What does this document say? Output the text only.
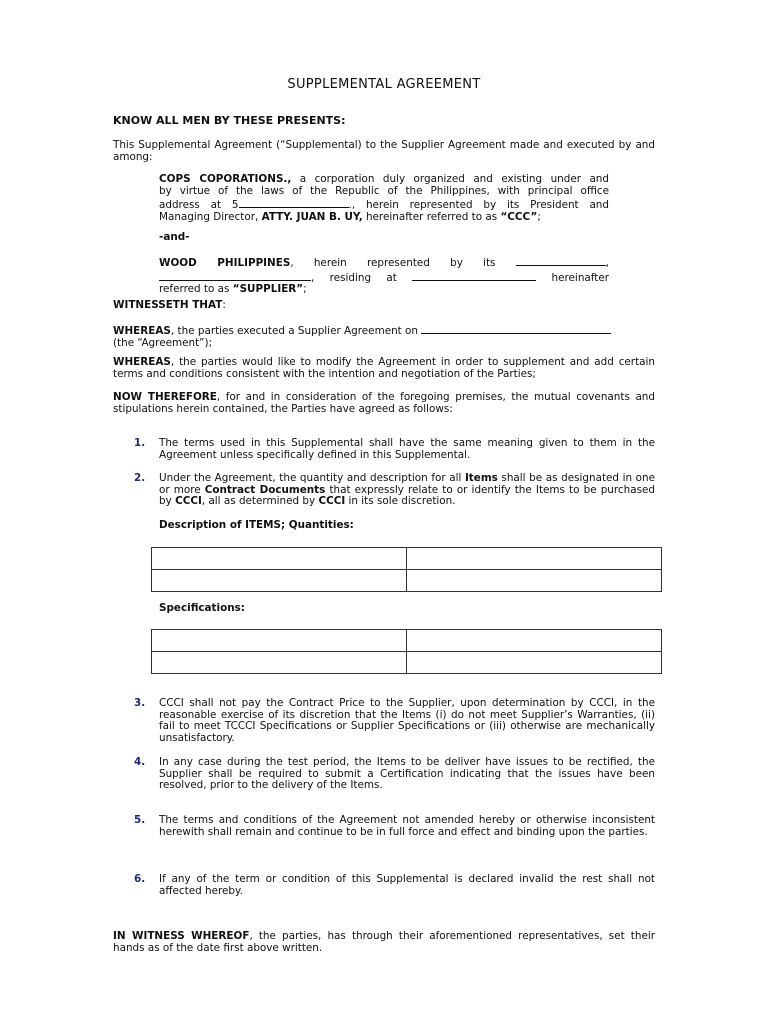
SUPPLEMENTAL AGREEMENT
KNOW ALL MEN BY THESE PRESENTS:
This Supplemental Agreement (“Supplemental) to the Supplier Agreement made and executed by and among:
COPS COPORATIONS., a corporation duly organized and existing under and
by virtue of the laws of the Republic of the Philippines, with principal office
address at 5	., herein represented by its President and
Managing Director, ATTY. JUAN B. UY, hereinafter referred to as “CCC”;
-and-
WOOD PHILIPPINES, herein represented by its	,
, residing at	hereinafter
referred to as “SUPPLIER”;
WITNESSETH THAT:
WHEREAS, the parties executed a Supplier Agreement on
(the “Agreement”);
WHEREAS, the parties would like to modify the Agreement in order to supplement and add certain terms and conditions consistent with the intention and negotiation of the Parties;
NOW THEREFORE, for and in consideration of the foregoing premises, the mutual covenants and stipulations herein contained, the Parties have agreed as follows:
1. The terms used in this Supplemental shall have the same meaning given to them in the Agreement unless specifically defined in this Supplemental.
2. Under the Agreement, the quantity and description for all Items shall be as designated in one or more Contract Documents that expressly relate to or identify the Items to be purchased by CCCI, all as determined by CCCI in its sole discretion.
Description of ITEMS; Quantities:

Specifications:

3. CCCI shall not pay the Contract Price to the Supplier, upon determination by CCCI, in the reasonable exercise of its discretion that the Items (i) do not meet Supplier’s Warranties, (ii) fail to meet TCCCI Specifications or Supplier Specifications or (iii) otherwise are mechanically unsatisfactory.
4. In any case during the test period, the Items to be deliver have issues to be rectified, the Supplier shall be required to submit a Certification indicating that the issues have been resolved, prior to the delivery of the Items.
5. The terms and conditions of the Agreement not amended hereby or otherwise inconsistent herewith shall remain and continue to be in full force and effect and binding upon the parties.
6. If any of the term or condition of this Supplemental is declared invalid the rest shall not affected hereby.
IN WITNESS WHEREOF, the parties, has through their aforementioned representatives, set their hands as of the date first above written.
